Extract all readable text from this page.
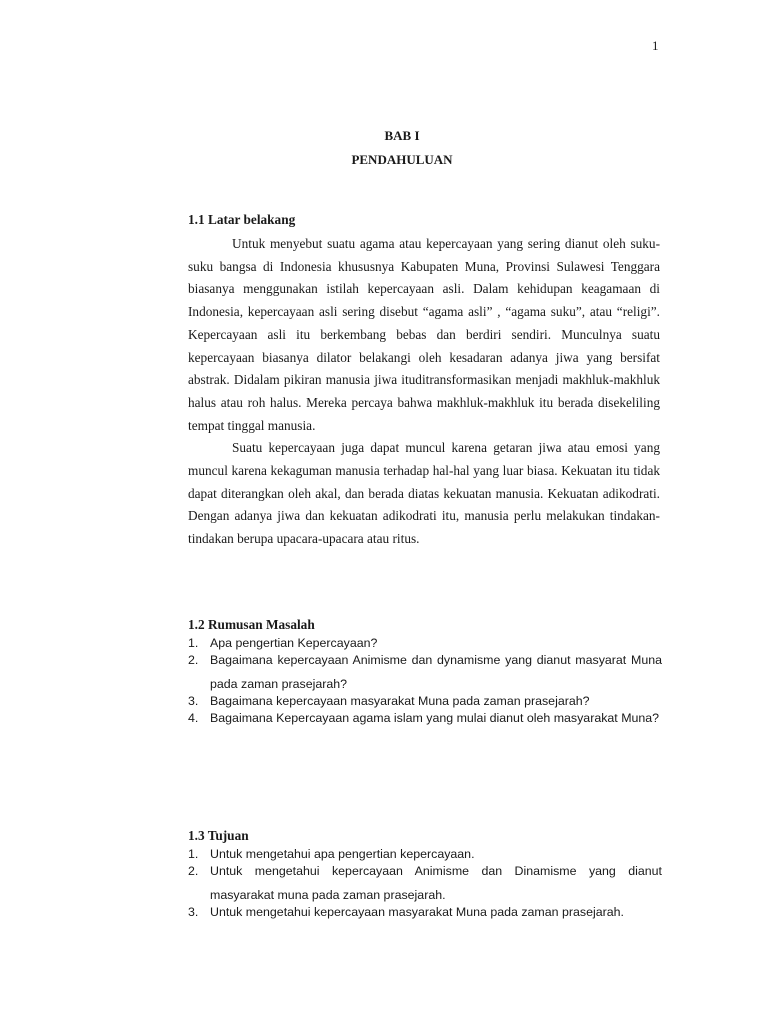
1
BAB I
PENDAHULUAN
1.1 Latar belakang

Untuk menyebut suatu agama atau kepercayaan yang sering dianut oleh suku-suku bangsa di Indonesia khususnya Kabupaten Muna, Provinsi Sulawesi Tenggara biasanya menggunakan istilah kepercayaan asli. Dalam kehidupan keagamaan di Indonesia, kepercayaan asli sering disebut “agama asli” , “agama suku”, atau “religi”. Kepercayaan asli itu berkembang bebas dan berdiri sendiri. Munculnya suatu kepercayaan biasanya dilator belakangi oleh kesadaran adanya jiwa yang bersifat abstrak. Didalam pikiran manusia jiwa ituditransformasikan menjadi makhluk-makhluk halus atau roh halus. Mereka percaya bahwa makhluk-makhluk itu berada disekeliling tempat tinggal manusia.

Suatu kepercayaan juga dapat muncul karena getaran jiwa atau emosi yang muncul karena kekaguman manusia terhadap hal-hal yang luar biasa. Kekuatan itu tidak dapat diterangkan oleh akal, dan berada diatas kekuatan manusia. Kekuatan adikodrati. Dengan adanya jiwa dan kekuatan adikodrati itu, manusia perlu melakukan tindakan-tindakan berupa upacara-upacara atau ritus.

1.2 Rumusan Masalah
1. Apa pengertian Kepercayaan?
2. Bagaimana kepercayaan Animisme dan dynamisme yang dianut masyarat Muna pada zaman prasejarah?
3. Bagaimana kepercayaan masyarakat Muna pada zaman prasejarah?
4. Bagaimana Kepercayaan agama islam yang mulai dianut oleh masyarakat Muna?
1.3 Tujuan
1. Untuk mengetahui apa pengertian kepercayaan.
2. Untuk mengetahui kepercayaan Animisme dan Dinamisme yang dianut masyarakat muna pada zaman prasejarah.
3. Untuk mengetahui kepercayaan masyarakat Muna pada zaman prasejarah.
